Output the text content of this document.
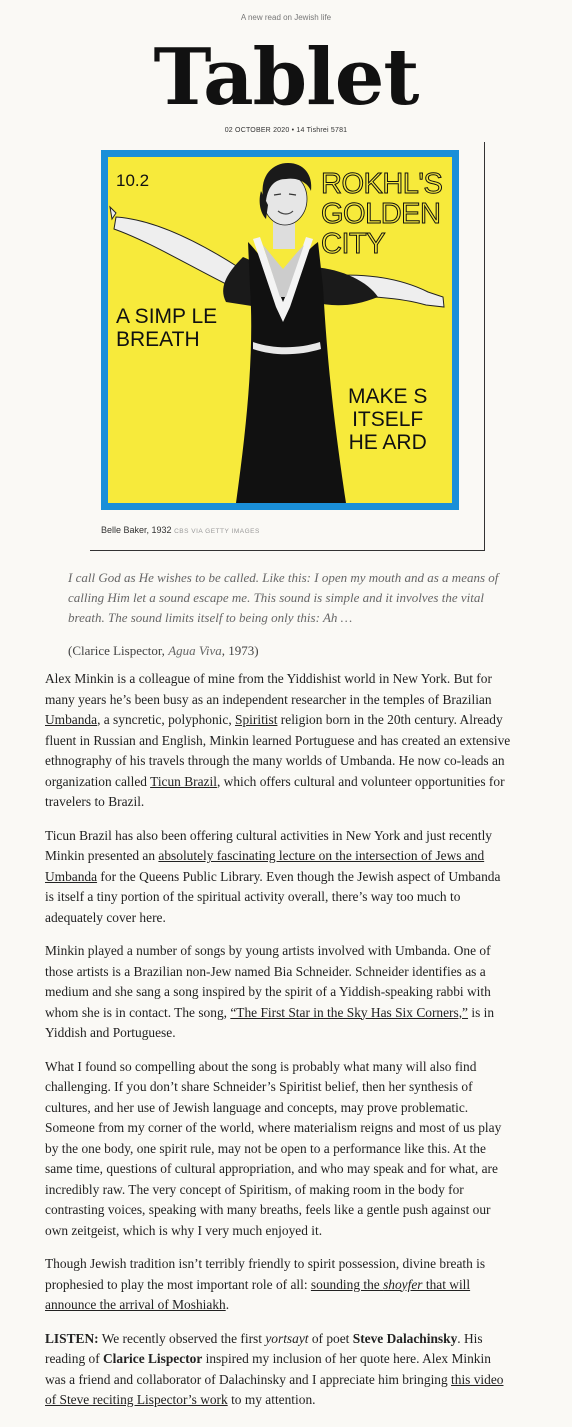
A new read on Jewish life
Tablet
02 OCTOBER 2020 • 14 Tishrei 5781
10.2	ROKHL'S
GOLDEN
CITY
A SIMP LE
BREATH
MAKE S
ITSELF
HE ARD
Belle Baker, 1932 CBS VIA GETTY IMAGES
I call God as He wishes to be called. Like this: I open my mouth and as a means of
calling Him let a sound escape me. This sound is simple and it involves the vital
breath. The sound limits itself to being only this: Ah …
(Clarice Lispector, Agua Viva, 1973)

Alex Minkin is a colleague of mine from the Yiddishist world in New York. But for
many years he’s been busy as an independent researcher in the temples of Brazilian
Umbanda, a syncretic, polyphonic, Spiritist religion born in the 20th century. Already
fluent in Russian and English, Minkin learned Portuguese and has created an extensive
ethnography of his travels through the many worlds of Umbanda. He now co-leads an
organization called Ticun Brazil, which offers cultural and volunteer opportunities for
travelers to Brazil.

Ticun Brazil has also been offering cultural activities in New York and just recently
Minkin presented an absolutely fascinating lecture on the intersection of Jews and
Umbanda for the Queens Public Library. Even though the Jewish aspect of Umbanda
is itself a tiny portion of the spiritual activity overall, there’s way too much to
adequately cover here.

Minkin played a number of songs by young artists involved with Umbanda. One of
those artists is a Brazilian non-Jew named Bia Schneider. Schneider identifies as a
medium and she sang a song inspired by the spirit of a Yiddish-speaking rabbi with
whom she is in contact. The song, “The First Star in the Sky Has Six Corners,” is in
Yiddish and Portuguese.

What I found so compelling about the song is probably what many will also find
challenging. If you don’t share Schneider’s Spiritist belief, then her synthesis of
cultures, and her use of Jewish language and concepts, may prove problematic.
Someone from my corner of the world, where materialism reigns and most of us play
by the one body, one spirit rule, may not be open to a performance like this. At the
same time, questions of cultural appropriation, and who may speak and for what, are
incredibly raw. The very concept of Spiritism, of making room in the body for
contrasting voices, speaking with many breaths, feels like a gentle push against our
own zeitgeist, which is why I very much enjoyed it.

Though Jewish tradition isn’t terribly friendly to spirit possession, divine breath is
prophesied to play the most important role of all: sounding the shoyfer that will
announce the arrival of Moshiakh.

LISTEN: We recently observed the first yortsayt of poet Steve Dalachinsky. His
reading of Clarice Lispector inspired my inclusion of her quote here. Alex Minkin
was a friend and collaborator of Dalachinsky and I appreciate him bringing this video
of Steve reciting Lispector’s work to my attention.
